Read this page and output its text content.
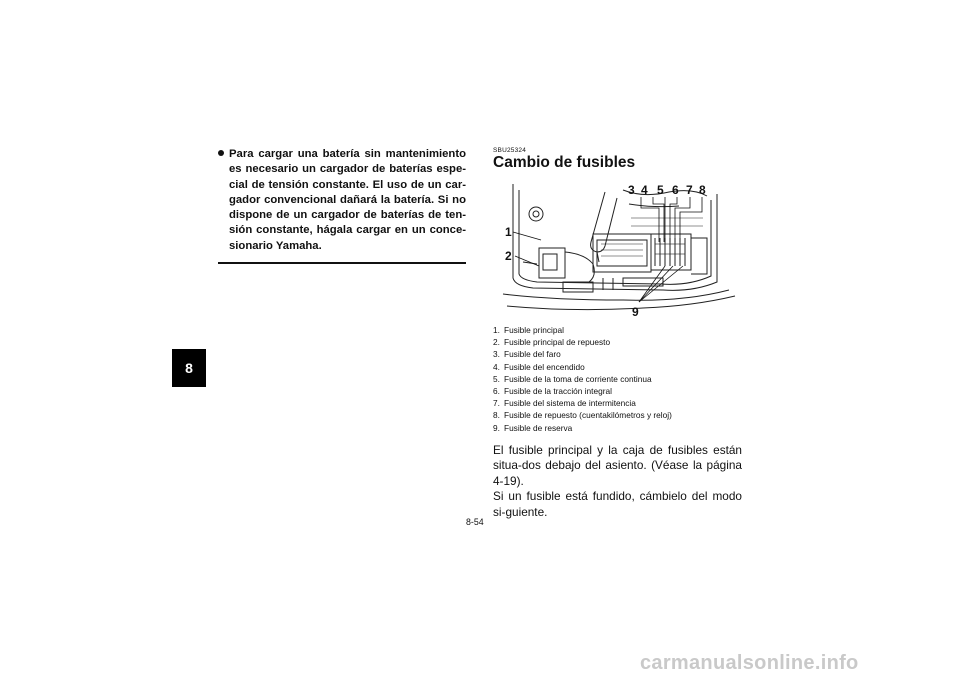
8

Para cargar una batería sin mantenimiento es necesario un cargador de baterías espe-cial de tensión constante. El uso de un car-gador convencional dañará la batería. Si no dispone de un cargador de baterías de ten-sión constante, hágala cargar en un conce-sionario Yamaha.

SBU25324
Cambio de fusibles
3 4 5 6 7 8
1
2
9
1. Fusible principal
2. Fusible principal de repuesto
3. Fusible del faro
4. Fusible del encendido
5. Fusible de la toma de corriente continua
6. Fusible de la tracción integral
7. Fusible del sistema de intermitencia
8. Fusible de repuesto (cuentakilómetros y reloj)
9. Fusible de reserva

El fusible principal y la caja de fusibles están situa-dos debajo del asiento. (Véase la página 4-19).

Si un fusible está fundido, cámbielo del modo si-guiente.

8-54
carmanualsonline.info
